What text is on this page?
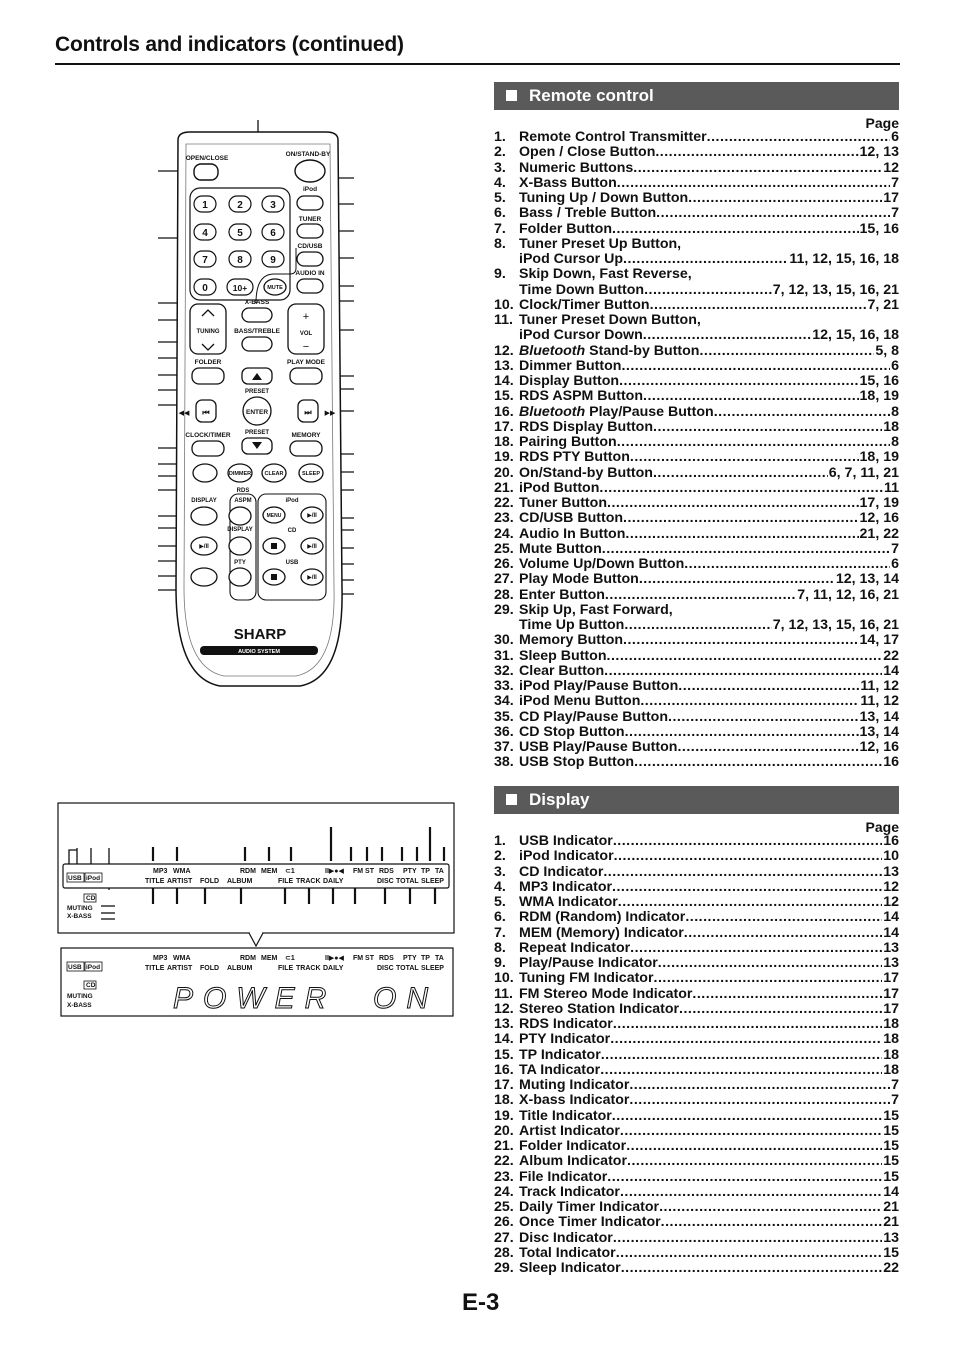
Controls and indicators (continued)
OPEN/CLOSE
ON/STAND-BY
1	2	3
4	5	6
7	8	9
0	10+
iPod
TUNER
CD/USB
AUDIO IN
MUTE
TUNING
X-BASS
BASS/TREBLE
+
VOL
−
FOLDER	PLAY MODE
PRESET
⏮
◀◀	ENTER	⏭ ▶▶
PRESET
CLOCK/TIMER	MEMORY
DIMMER CLEAR	SLEEP
RDS
DISPLAY	ASPM	iPod
MENU	▶/II
DISPLAY
▶/II
CD
▶/II
PTY	USB
▶/II
SHARP
AUDIO SYSTEM
MP3 WMA	RDM MEM ⊂1	II▶●◀ FM ST RDS PTY TP TA
TITLE ARTIST FOLD ALBUM	FILE TRACK DAILY	DISC TOTAL SLEEP
USB iPod
CD
MUTING
X-BASS
MP3 WMA	RDM MEM ⊂1	II▶●◀ FM ST RDS PTY TP TA
TITLE ARTIST FOLD ALBUM	FILE TRACK DAILY	DISC TOTAL SLEEP
USB iPod
CD
MUTING
X-BASS	POWER  ON
Remote control
Page
1. Remote Control Transmitter .....	6
2. Open / Close Button .....	12, 13
3. Numeric Buttons .....	12
4. X-Bass Button .....	7
5. Tuning Up / Down Button .....	17
6. Bass / Treble Button .....	7
7. Folder Button .....	15, 16
8. Tuner Preset Up Button,
iPod Cursor Up .....	11, 12, 15, 16, 18
9. Skip Down, Fast Reverse,
Time Down Button .....	7, 12, 13, 15, 16, 21
10. Clock/Timer Button .....	7, 21
11. Tuner Preset Down Button,
iPod Cursor Down .....	12, 15, 16, 18
12. Bluetooth Stand-by Button .....	5, 8
13. Dimmer Button .....	6
14. Display Button .....	15, 16
15. RDS ASPM Button .....	18, 19
16. Bluetooth Play/Pause Button .....	8
17. RDS Display Button .....	18
18. Pairing Button .....	8
19. RDS PTY Button .....	18, 19
20. On/Stand-by Button .....	6, 7, 11, 21
21. iPod Button .....	11
22. Tuner Button .....	17, 19
23. CD/USB Button .....	12, 16
24. Audio In Button .....	21, 22
25. Mute Button .....	7
26. Volume Up/Down Button .....	6
27. Play Mode Button .....	12, 13, 14
28. Enter Button .....	7, 11, 12, 16, 21
29. Skip Up, Fast Forward,
Time Up Button .....	7, 12, 13, 15, 16, 21
30. Memory Button .....	14, 17
31. Sleep Button .....	22
32. Clear Button .....	14
33. iPod Play/Pause Button .....	11, 12
34. iPod Menu Button .....	11, 12
35. CD Play/Pause Button .....	13, 14
36. CD Stop Button .....	13, 14
37. USB Play/Pause Button .....	12, 16
38. USB Stop Button .....	16
Display
Page
1. USB Indicator .....	16
2. iPod Indicator .....	10
3. CD Indicator .....	13
4. MP3 Indicator .....	12
5. WMA Indicator .....	12
6. RDM (Random) Indicator .....	14
7. MEM (Memory) Indicator .....	14
8. Repeat Indicator .....	13
9. Play/Pause Indicator .....	13
10. Tuning FM Indicator .....	17
11. FM Stereo Mode Indicator .....	17
12. Stereo Station Indicator .....	17
13. RDS Indicator .....	18
14. PTY Indicator .....	18
15. TP Indicator .....	18
16. TA Indicator .....	18
17. Muting Indicator .....	7
18. X-bass Indicator .....	7
19. Title Indicator .....	15
20. Artist Indicator .....	15
21. Folder Indicator .....	15
22. Album Indicator .....	15
23. File Indicator .....	15
24. Track Indicator .....	14
25. Daily Timer Indicator .....	21
26. Once Timer Indicator .....	21
27. Disc Indicator .....	13
28. Total Indicator .....	15
29. Sleep Indicator .....	22
E-3
